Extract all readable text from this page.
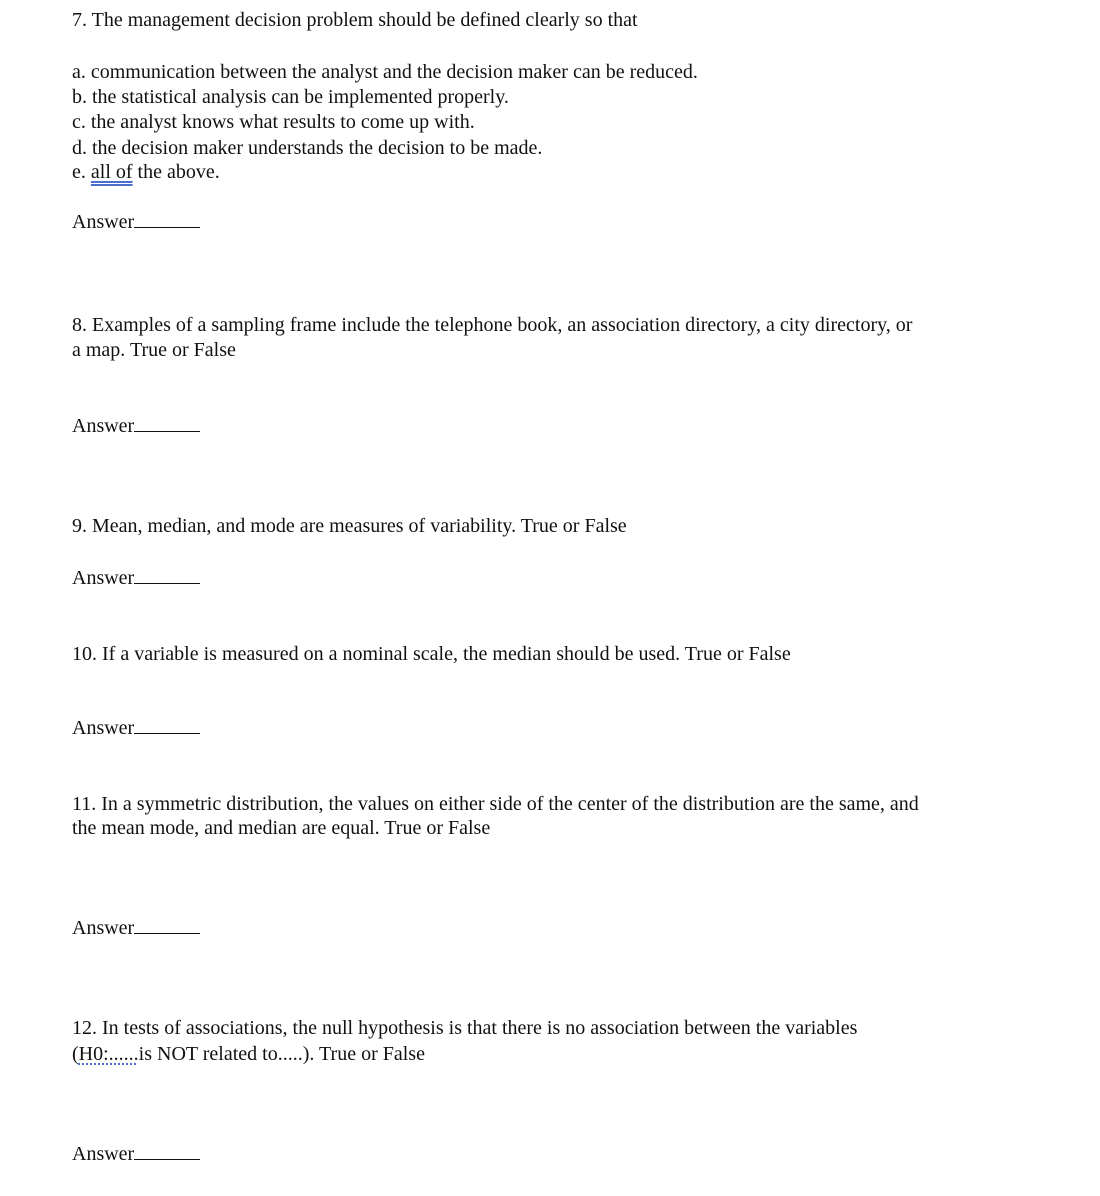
7. The management decision problem should be defined clearly so that
a. communication between the analyst and the decision maker can be reduced.
b. the statistical analysis can be implemented properly.
c. the analyst knows what results to come up with.
d. the decision maker understands the decision to be made.
e. all of the above.
Answer
8. Examples of a sampling frame include the telephone book, an association directory, a city directory, or
a map. True or False
Answer
9. Mean, median, and mode are measures of variability. True or False
Answer
10. If a variable is measured on a nominal scale, the median should be used. True or False
Answer
11. In a symmetric distribution, the values on either side of the center of the distribution are the same, and
the mean mode, and median are equal. True or False
Answer
12. In tests of associations, the null hypothesis is that there is no association between the variables
(H0:......is NOT related to.....). True or False
Answer
